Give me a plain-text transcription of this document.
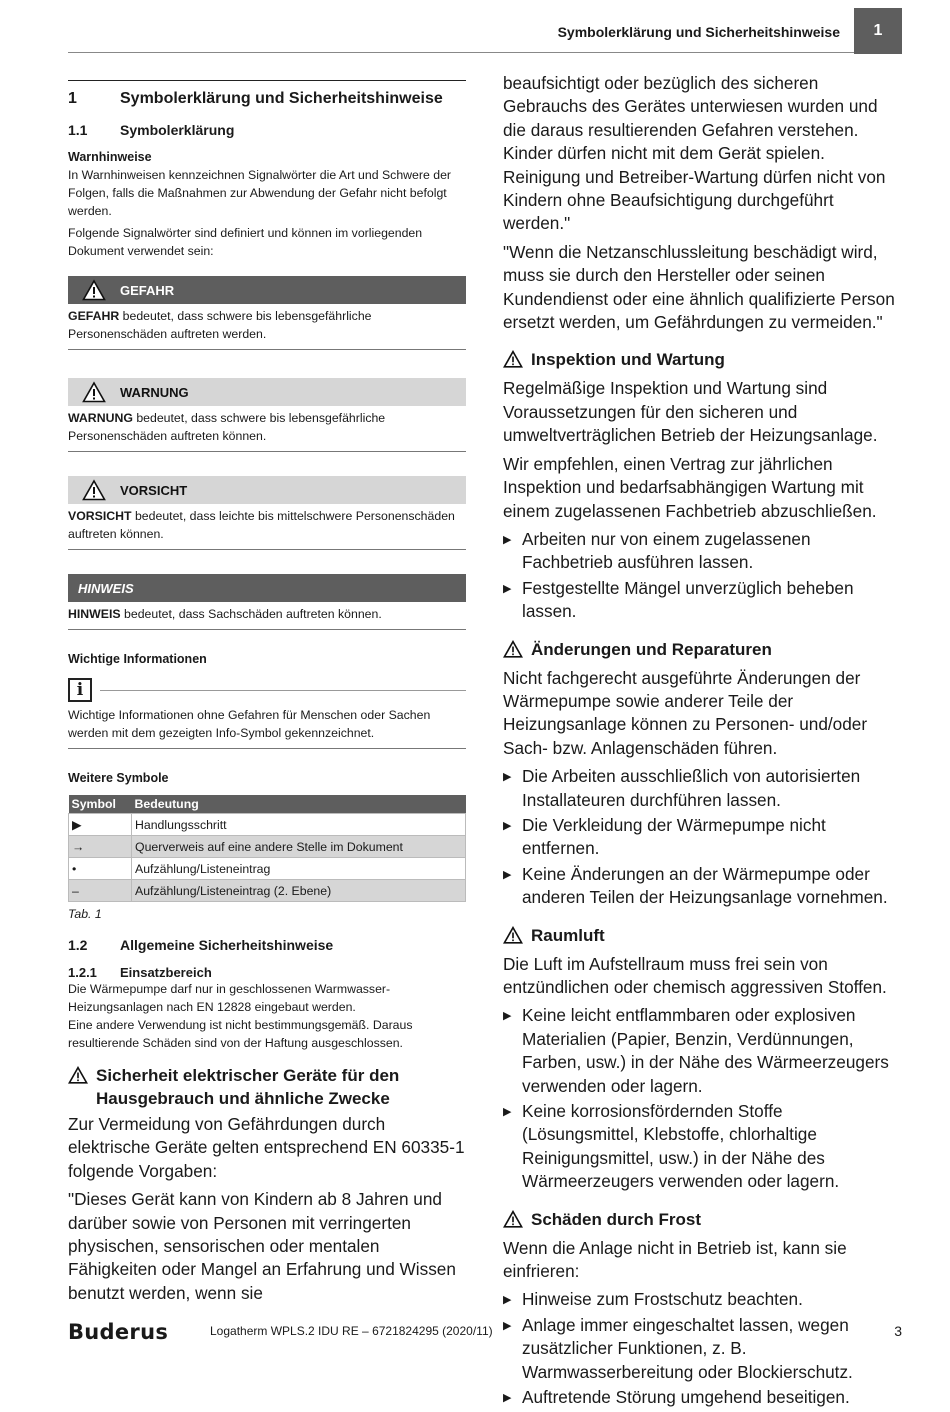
Symbolerklärung und Sicherheitshinweise	1
1	Symbolerklärung und Sicherheitshinweise
1.1	Symbolerklärung
Warnhinweise

In Warnhinweisen kennzeichnen Signalwörter die Art und Schwere der Folgen, falls die Maßnahmen zur Abwendung der Gefahr nicht befolgt werden.

Folgende Signalwörter sind definiert und können im vorliegenden Dokument verwendet sein:

GEFAHR
GEFAHR bedeutet, dass schwere bis lebensgefährliche Personenschäden auftreten werden.
WARNUNG
WARNUNG bedeutet, dass schwere bis lebensgefährliche Personenschäden auftreten können.
VORSICHT
VORSICHT bedeutet, dass leichte bis mittelschwere Personenschäden auftreten können.
HINWEIS
HINWEIS bedeutet, dass Sachschäden auftreten können.
Wichtige Informationen
i
Wichtige Informationen ohne Gefahren für Menschen oder Sachen werden mit dem gezeigten Info-Symbol gekennzeichnet.
Weitere Symbole
Symbol	Bedeutung
▶	Handlungsschritt
→	Querverweis auf eine andere Stelle im Dokument
•	Aufzählung/Listeneintrag
–	Aufzählung/Listeneintrag (2. Ebene)
Tab. 1
1.2	Allgemeine Sicherheitshinweise
1.2.1	Einsatzbereich
Die Wärmepumpe darf nur in geschlossenen Warmwasser-Heizungsanlagen nach EN 12828 eingebaut werden.
Eine andere Verwendung ist nicht bestimmungsgemäß. Daraus resultierende Schäden sind von der Haftung ausgeschlossen.
Sicherheit elektrischer Geräte für den Hausgebrauch und ähnliche Zwecke

Zur Vermeidung von Gefährdungen durch elektrische Geräte gelten entsprechend EN 60335-1 folgende Vorgaben:

"Dieses Gerät kann von Kindern ab 8 Jahren und darüber sowie von Personen mit verringerten physischen, sensorischen oder mentalen Fähigkeiten oder Mangel an Erfahrung und Wissen benutzt werden, wenn sie

beaufsichtigt oder bezüglich des sicheren Gebrauchs des Gerätes unterwiesen wurden und die daraus resultierenden Gefahren verstehen. Kinder dürfen nicht mit dem Gerät spielen. Reinigung und Betreiber-Wartung dürfen nicht von Kindern ohne Beaufsichtigung durchgeführt werden."

"Wenn die Netzanschlussleitung beschädigt wird, muss sie durch den Hersteller oder seinen Kundendienst oder eine ähnlich qualifizierte Person ersetzt werden, um Gefährdungen zu vermeiden."

Inspektion und Wartung

Regelmäßige Inspektion und Wartung sind Voraussetzungen für den sicheren und umweltverträglichen Betrieb der Heizungsanlage.

Wir empfehlen, einen Vertrag zur jährlichen Inspektion und bedarfsabhängigen Wartung mit einem zugelassenen Fachbetrieb abzuschließen.

▶ Arbeiten nur von einem zugelassenen Fachbetrieb ausführen lassen.
▶ Festgestellte Mängel unverzüglich beheben lassen.
Änderungen und Reparaturen

Nicht fachgerecht ausgeführte Änderungen der Wärmepumpe sowie anderer Teile der Heizungsanlage können zu Personen- und/oder Sach- bzw. Anlagenschäden führen.

▶ Die Arbeiten ausschließlich von autorisierten Installateuren durchführen lassen.
▶ Die Verkleidung der Wärmepumpe nicht entfernen.
▶ Keine Änderungen an der Wärmepumpe oder anderen Teilen der Heizungsanlage vornehmen.
Raumluft

Die Luft im Aufstellraum muss frei sein von entzündlichen oder chemisch aggressiven Stoffen.

▶ Keine leicht entflammbaren oder explosiven Materialien (Papier, Benzin, Verdünnungen, Farben, usw.) in der Nähe des Wärmeerzeugers verwenden oder lagern.
▶ Keine korrosionsfördernden Stoffe (Lösungsmittel, Klebstoffe, chlorhaltige Reinigungsmittel, usw.) in der Nähe des Wärmeerzeugers verwenden oder lagern.
Schäden durch Frost

Wenn die Anlage nicht in Betrieb ist, kann sie einfrieren:

▶ Hinweise zum Frostschutz beachten.
▶ Anlage immer eingeschaltet lassen, wegen zusätzlicher Funktionen, z. B. Warmwasserbereitung oder Blockierschutz.
▶ Auftretende Störung umgehend beseitigen.
Buderus	Logatherm WPLS.2 IDU RE – 6721824295 (2020/11)	3
